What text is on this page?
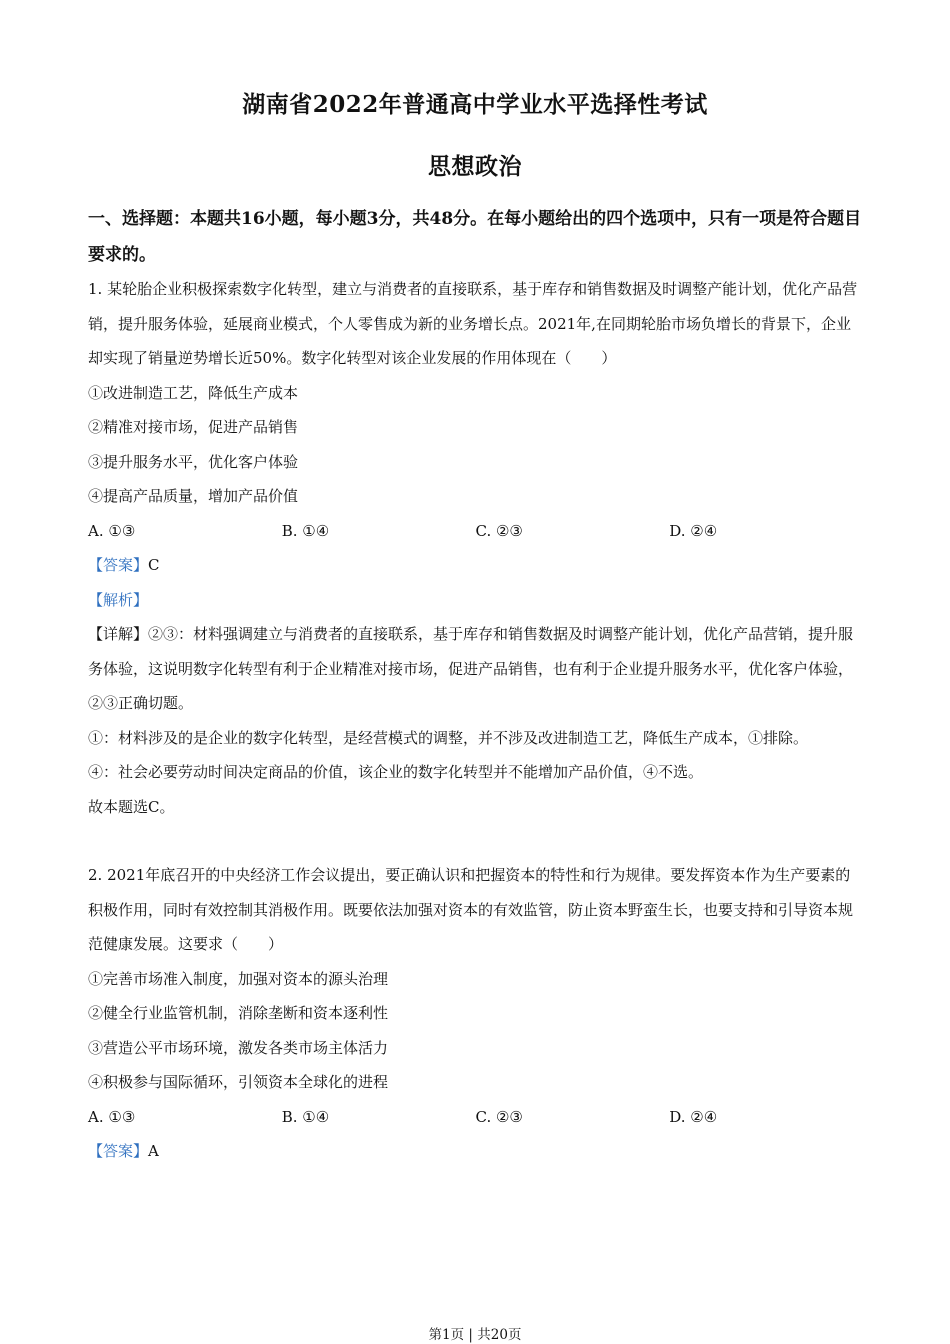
湖南省2022年普通高中学业水平选择性考试
思想政治
一、选择题：本题共16小题，每小题3分，共48分。在每小题给出的四个选项中，只有一项是符合题目要求的。

1. 某轮胎企业积极探索数字化转型，建立与消费者的直接联系，基于库存和销售数据及时调整产能计划，优化产品营销，提升服务体验，延展商业模式，个人零售成为新的业务增长点。2021年,在同期轮胎市场负增长的背景下，企业却实现了销量逆势增长近50%。数字化转型对该企业发展的作用体现在（　　）

①改进制造工艺，降低生产成本

②精准对接市场，促进产品销售

③提升服务水平，优化客户体验

④提高产品质量，增加产品价值

A. ①③	B. ①④	C. ②③	D. ②④

【答案】C

【解析】

【详解】②③：材料强调建立与消费者的直接联系，基于库存和销售数据及时调整产能计划，优化产品营销，提升服务体验，这说明数字化转型有利于企业精准对接市场，促进产品销售，也有利于企业提升服务水平，优化客户体验，②③正确切题。

①：材料涉及的是企业的数字化转型，是经营模式的调整，并不涉及改进制造工艺，降低生产成本，①排除。

④：社会必要劳动时间决定商品的价值，该企业的数字化转型并不能增加产品价值，④不选。

故本题选C。

2. 2021年底召开的中央经济工作会议提出，要正确认识和把握资本的特性和行为规律。要发挥资本作为生产要素的积极作用，同时有效控制其消极作用。既要依法加强对资本的有效监管，防止资本野蛮生长，也要支持和引导资本规范健康发展。这要求（　　）

①完善市场准入制度，加强对资本的源头治理

②健全行业监管机制，消除垄断和资本逐利性

③营造公平市场环境，激发各类市场主体活力

④积极参与国际循环，引领资本全球化的进程

A. ①③	B. ①④	C. ②③	D. ②④

【答案】A

第1页 | 共20页
